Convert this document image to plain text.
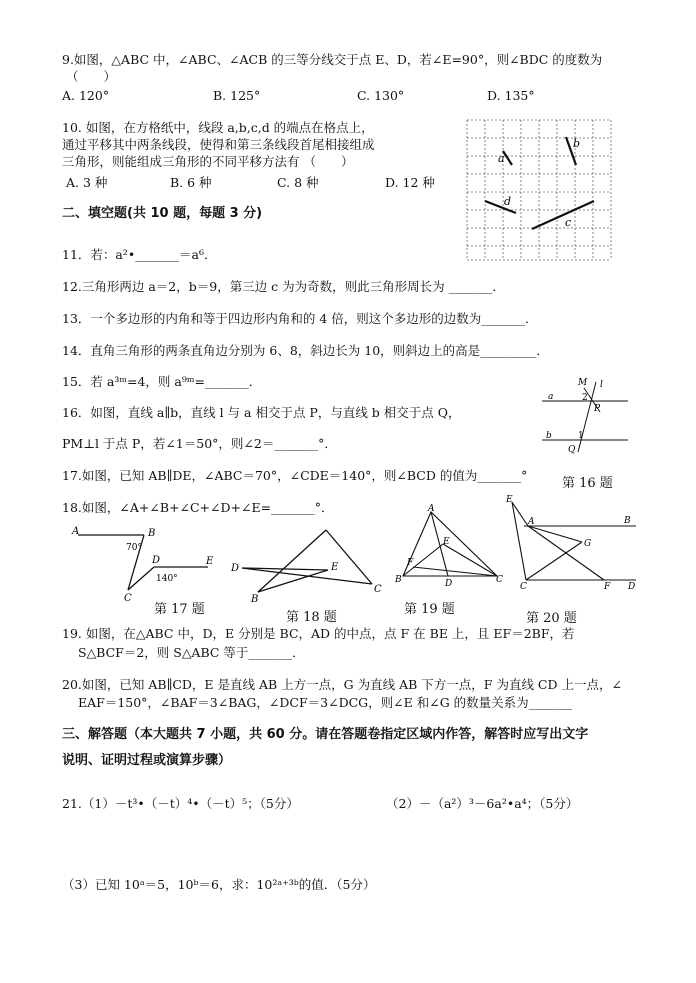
9.如图，△ABC 中，∠ABC、∠ACB 的三等分线交于点 E、D，若∠E=90°，则∠BDC 的度数为
（　　）
A. 120°	B. 125°	C. 130°	D. 135°
10. 如图，在方格纸中，线段 a,b,c,d 的端点在格点上，
通过平移其中两条线段，使得和第三条线段首尾相接组成
三角形，则能组成三角形的不同平移方法有 （　　）
A. 3 种	B. 6 种	C. 8 种	D. 12 种
a
b
d
c
二、填空题(共 10 题，每题 3 分)
11．若：a²•_______＝a⁶．
12.三角形两边 a＝2，b＝9，第三边 c 为为奇数，则此三角形周长为 _______．
13．一个多边形的内角和等于四边形内角和的 4 倍，则这个多边形的边数为_______．
14．直角三角形的两条直角边分别为 6、8，斜边长为 10，则斜边上的高是_________．
15．若 a³ᵐ=4，则 a⁹ᵐ=_______．
16．如图，直线 a∥b，直线 l 与 a 相交于点 P，与直线 b 相交于点 Q，
PM⊥l 于点 P，若∠1＝50°，则∠2＝_______°．
M l
a	2
P
b	1
Q
17.如图，已知 AB∥DE，∠ABC＝70°，∠CDE＝140°，则∠BCD 的值为_______°
第 16 题
18.如图，∠A+∠B+∠C+∠D+∠E=_______°．
A	B
70°
D	E
140°
C
第 17 题
D	E
B
C
第 18 题
A
E
F
B	D	C
第 19 题
E
A	B
G
C	F D
第 20 题
19. 如图，在△ABC 中，D，E 分别是 BC，AD 的中点，点 F 在 BE 上，且 EF＝2BF，若
S△BCF＝2，则 S△ABC 等于_______．
20.如图，已知 AB∥CD，E 是直线 AB 上方一点，G 为直线 AB 下方一点，F 为直线 CD 上一点，∠
EAF＝150°，∠BAF＝3∠BAG，∠DCF＝3∠DCG，则∠E 和∠G 的数量关系为_______
三、解答题（本大题共 7 小题，共 60 分。请在答题卷指定区域内作答，解答时应写出文字
说明、证明过程或演算步骤）
21.（1）－t³•（－t）⁴•（－t）⁵；（5分）	（2）－（a²）³－6a²•a⁴；（5分）
（3）已知 10ᵃ＝5，10ᵇ＝6，求：10²ᵃ⁺³ᵇ的值．（5分）
